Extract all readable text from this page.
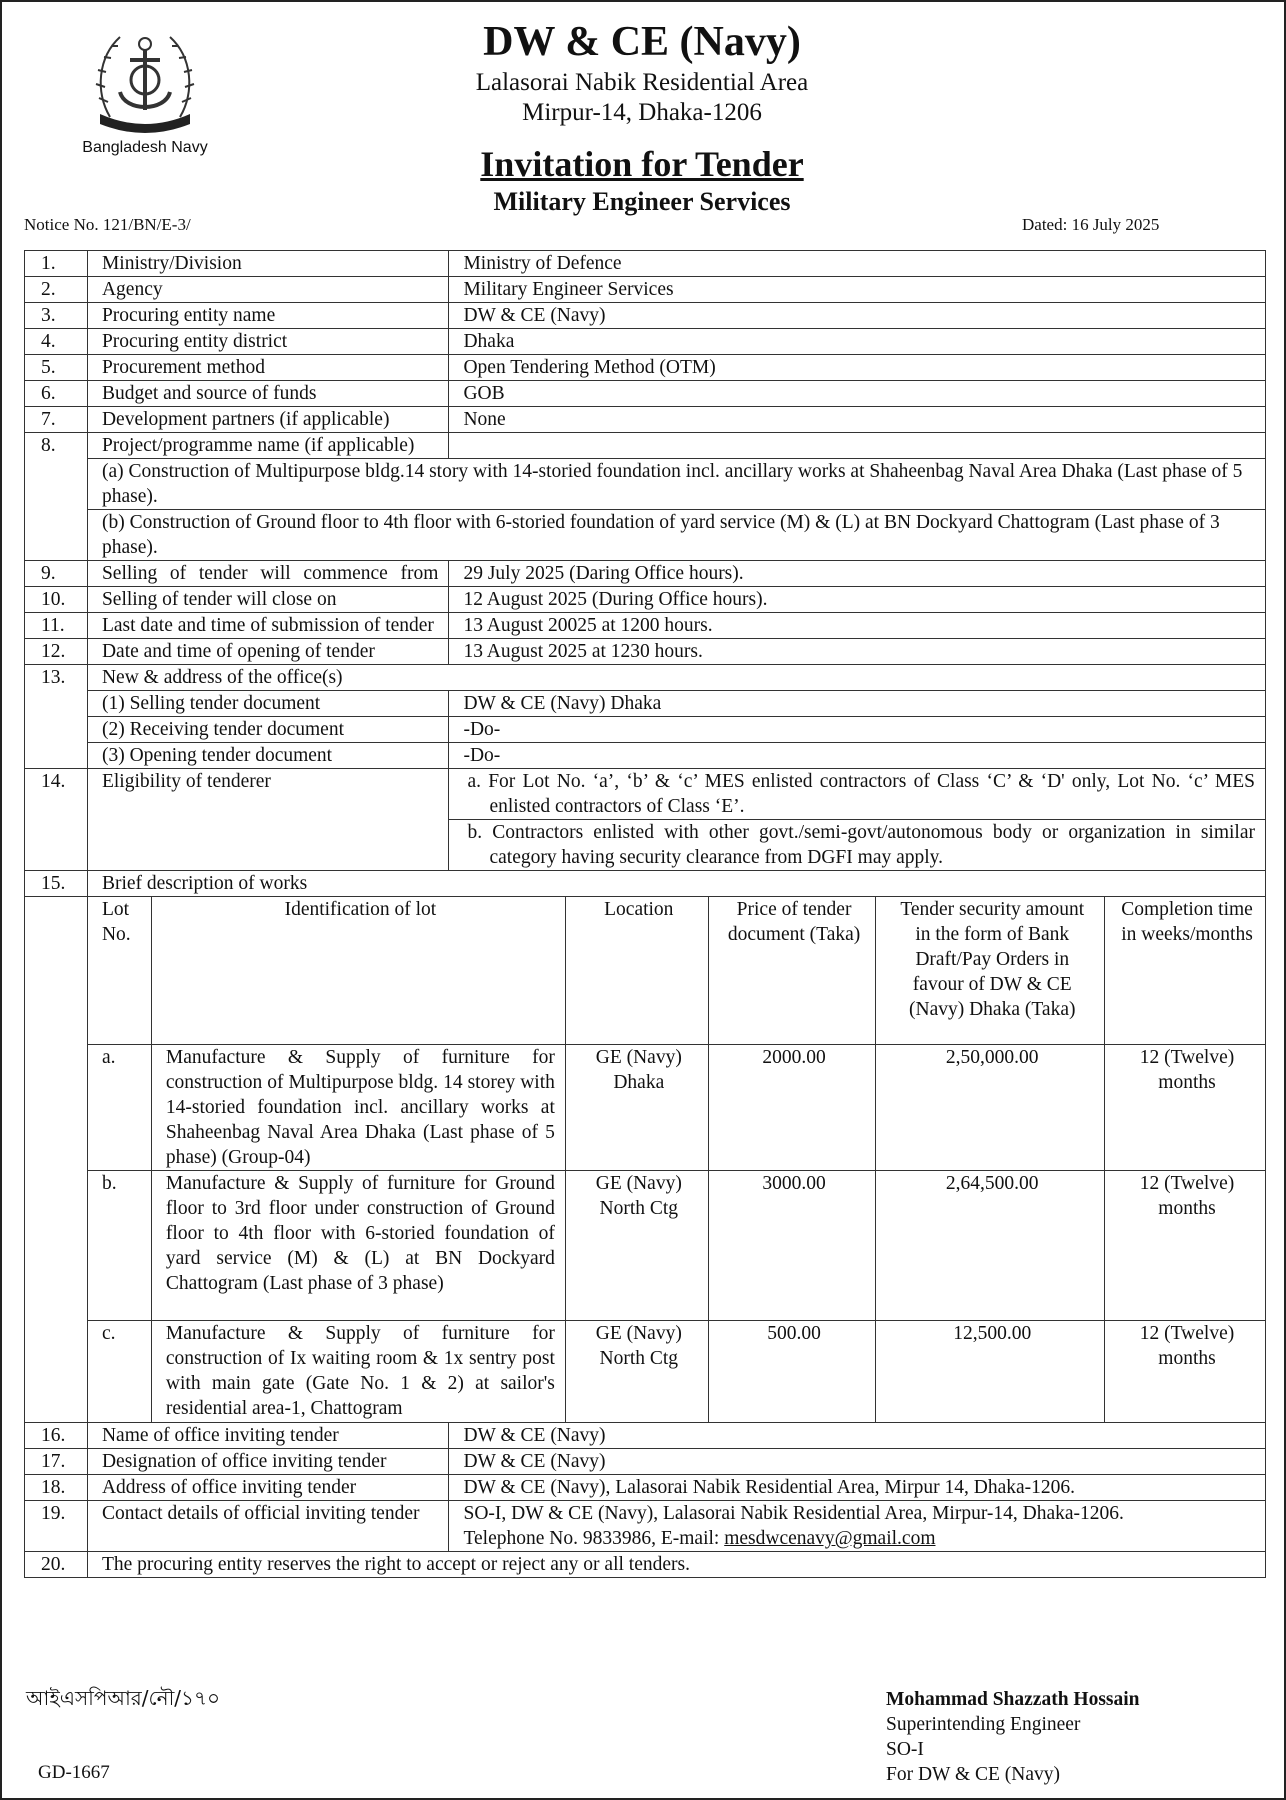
Bangladesh Navy
DW & CE (Navy)
Lalasorai Nabik Residential Area
Mirpur-14, Dhaka-1206
Invitation for Tender
Military Engineer Services
Notice No. 121/BN/E-3/	Dated: 16 July 2025
1.	Ministry/Division	Ministry of Defence
2.	Agency	Military Engineer Services
3.	Procuring entity name	DW & CE (Navy)
4.	Procuring entity district	Dhaka
5.	Procurement method	Open Tendering Method (OTM)
6.	Budget and source of funds	GOB
7.	Development partners (if applicable)	None
8.	Project/programme name (if applicable)	
(a) Construction of Multipurpose bldg.14 story with 14-storied foundation incl. ancillary works at Shaheenbag Naval Area Dhaka (Last phase of 5 phase).
(b) Construction of Ground floor to 4th floor with 6-storied foundation of yard service (M) & (L) at BN Dockyard Chattogram (Last phase of 3 phase).
9.	Selling of tender will commence from	29 July 2025 (Daring Office hours).
10.	Selling of tender will close on	12 August 2025 (During Office hours).
11.	Last date and time of submission of tender	13 August 20025 at 1200 hours.
12.	Date and time of opening of tender	13 August 2025 at 1230 hours.
13.	New & address of the office(s)
(1) Selling tender document	DW & CE (Navy) Dhaka
(2) Receiving tender document	-Do-
(3) Opening tender document	-Do-
14.	Eligibility of tenderer	a. For Lot No. ‘a’, ‘b’ & ‘c’ MES enlisted contractors of Class ‘C’ & ‘D' only, Lot No. ‘c’ MES enlisted contractors of Class ‘E’.
b. Contractors enlisted with other govt./semi-govt/autonomous body or organization in similar category having security clearance from DGFI may apply.
15.	Brief description of works

Lot No.	Identification of lot	Location	Price of tender document (Taka)	Tender security amount in the form of Bank Draft/Pay Orders in favour of DW & CE (Navy) Dhaka (Taka)	Completion time in weeks/months
a.	Manufacture & Supply of furniture for construction of Multipurpose bldg. 14 storey with 14-storied foundation incl. ancillary works at Shaheenbag Naval Area Dhaka (Last phase of 5 phase) (Group-04)	GE (Navy) Dhaka	2000.00	2,50,000.00	12 (Twelve) months
b.	Manufacture & Supply of furniture for Ground floor to 3rd floor under construction of Ground floor to 4th floor with 6-storied foundation of yard service (M) & (L) at BN Dockyard Chattogram (Last phase of 3 phase)	GE (Navy) North Ctg	3000.00	2,64,500.00	12 (Twelve) months
c.	Manufacture & Supply of furniture for construction of Ix waiting room & 1x sentry post with main gate (Gate No. 1 & 2) at sailor's residential area-1, Chattogram	GE (Navy) North Ctg	500.00	12,500.00	12 (Twelve) months

16.	Name of office inviting tender	DW & CE (Navy)
17.	Designation of office inviting tender	DW & CE (Navy)
18.	Address of office inviting tender	DW & CE (Navy), Lalasorai Nabik Residential Area, Mirpur 14, Dhaka-1206.
19.	Contact details of official inviting tender	SO-I, DW & CE (Navy), Lalasorai Nabik Residential Area, Mirpur-14, Dhaka-1206.
Telephone No. 9833986, E-mail: mesdwcenavy@gmail.com

20.	The procuring entity reserves the right to accept or reject any or all tenders.
আইএসপিআর/নৌ/১৭০
GD-1667
Mohammad Shazzath Hossain
Superintending Engineer
SO-I
For DW & CE (Navy)
